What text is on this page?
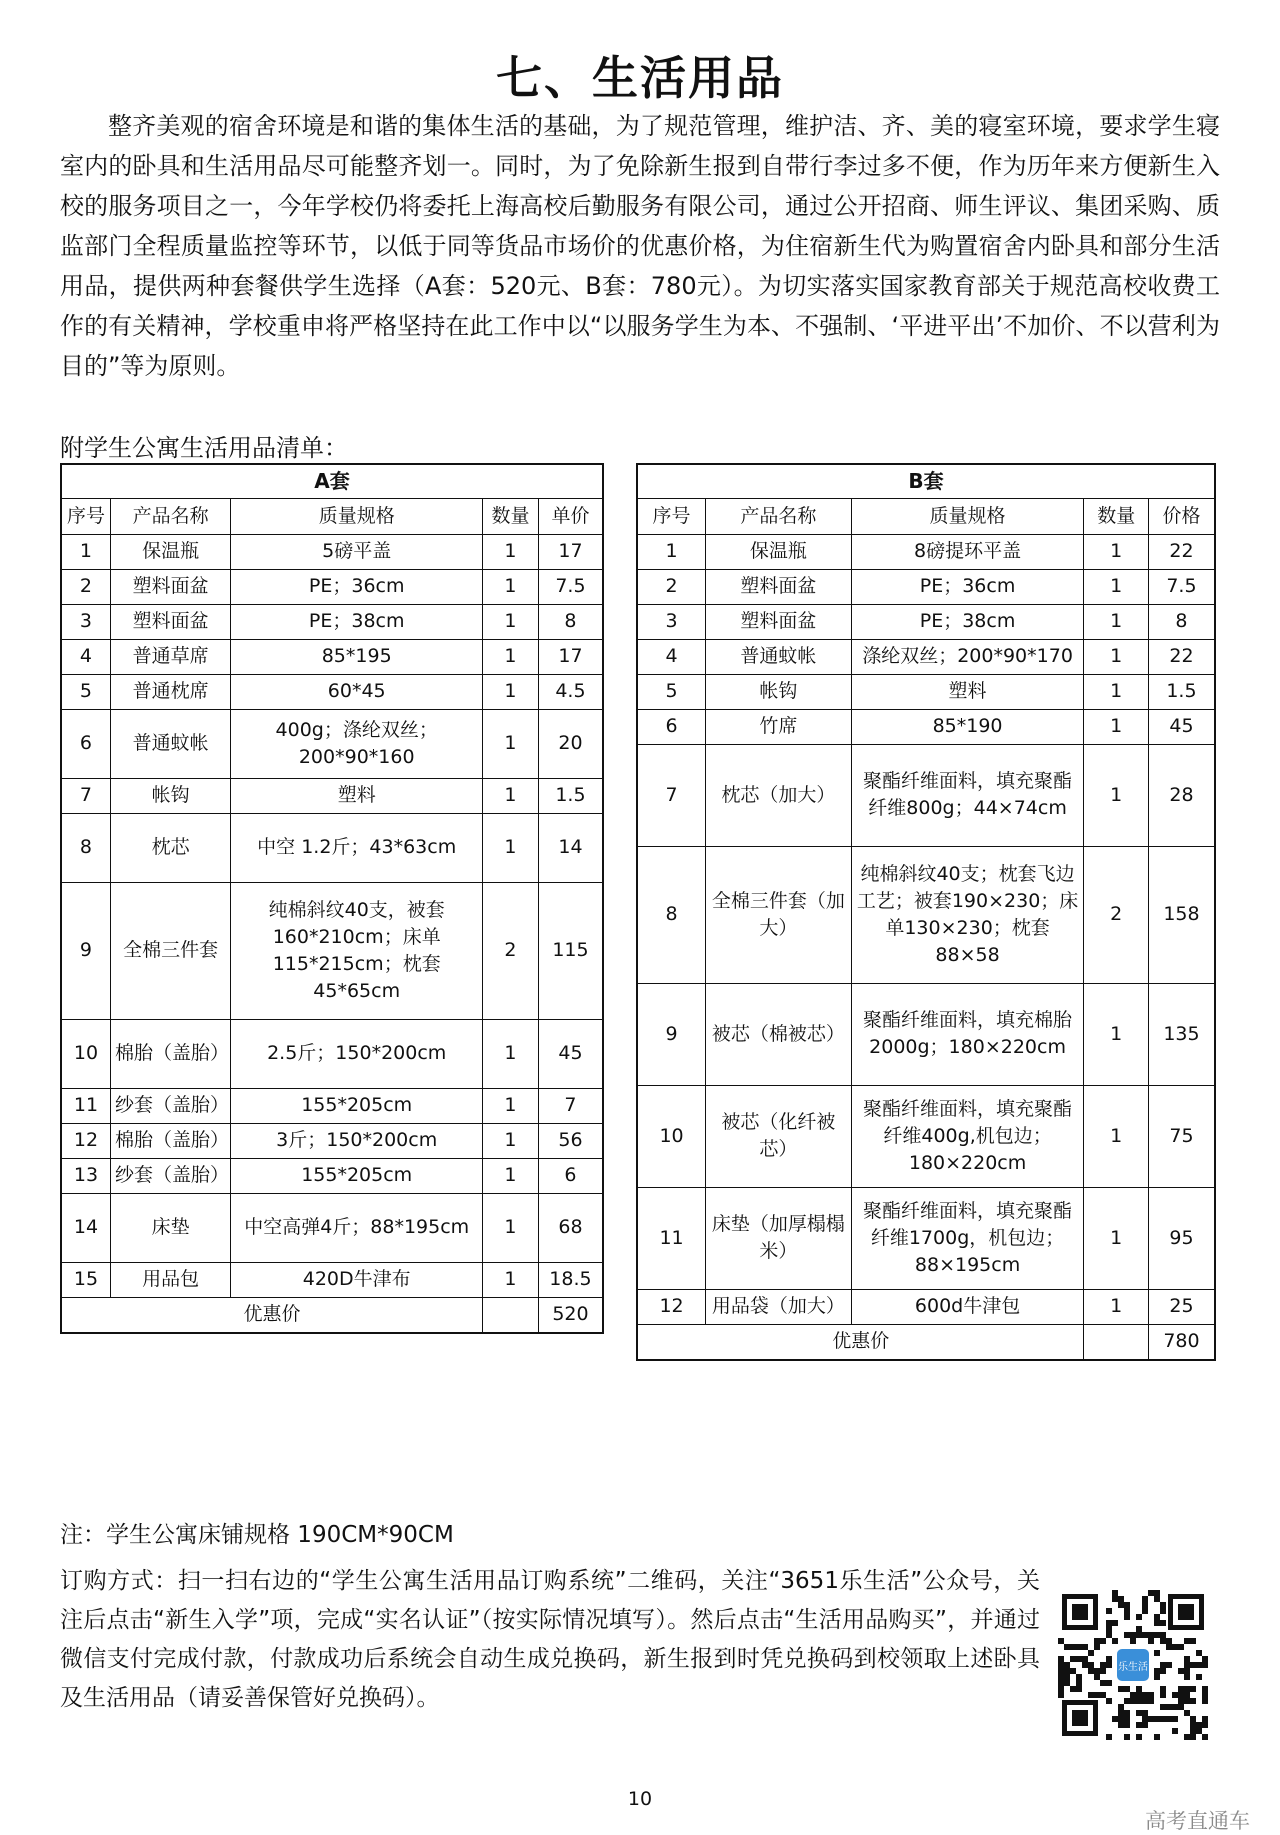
七、生活用品

整齐美观的宿舍环境是和谐的集体生活的基础，为了规范管理，维护洁、齐、美的寝室环境，要求学生寝室内的卧具和生活用品尽可能整齐划一。同时，为了免除新生报到自带行李过多不便，作为历年来方便新生入校的服务项目之一，今年学校仍将委托上海高校后勤服务有限公司，通过公开招商、师生评议、集团采购、质监部门全程质量监控等环节，以低于同等货品市场价的优惠价格，为住宿新生代为购置宿舍内卧具和部分生活用品，提供两种套餐供学生选择（A套：520元、B套：780元）。为切实落实国家教育部关于规范高校收费工作的有关精神，学校重申将严格坚持在此工作中以“以服务学生为本、不强制、‘平进平出’不加价、不以营利为目的”等为原则。

附学生公寓生活用品清单：
A套				
序号	产品名称	质量规格	数量	单价
1	保温瓶	5磅平盖	1	17
2	塑料面盆	PE；36cm	1	7.5
3	塑料面盆	PE；38cm	1	8
4	普通草席	85*195	1	17
5	普通枕席	60*45	1	4.5
6	普通蚊帐	400g；涤纶双丝；200*90*160	1	20
7	帐钩	塑料	1	1.5
8	枕芯	中空 1.2斤；43*63cm	1	14
9	全棉三件套	纯棉斜纹40支，被套160*210cm；床单115*215cm；枕套45*65cm	2	115
10	棉胎（盖胎）	2.5斤；150*200cm	1	45
11	纱套（盖胎）	155*205cm	1	7
12	棉胎（盖胎）	3斤；150*200cm	1	56
13	纱套（盖胎）	155*205cm	1	6
14	床垫	中空高弹4斤；88*195cm	1	68
15	用品包	420D牛津布	1	18.5
优惠价				520
B套				
序号	产品名称	质量规格	数量	价格
1	保温瓶	8磅提环平盖	1	22
2	塑料面盆	PE；36cm	1	7.5
3	塑料面盆	PE；38cm	1	8
4	普通蚊帐	涤纶双丝；200*90*170	1	22
5	帐钩	塑料	1	1.5
6	竹席	85*190	1	45
7	枕芯（加大）	聚酯纤维面料，填充聚酯纤维800g；44×74cm	1	28
8	全棉三件套（加大）	纯棉斜纹40支；枕套飞边工艺；被套190×230；床单130×230；枕套88×58	2	158
9	被芯（棉被芯）	聚酯纤维面料，填充棉胎2000g；180×220cm	1	135
10	被芯（化纤被芯）	聚酯纤维面料，填充聚酯纤维400g,机包边；180×220cm	1	75
11	床垫（加厚榻榻米）	聚酯纤维面料，填充聚酯纤维1700g，机包边；88×195cm	1	95
12	用品袋（加大）	600d牛津包	1	25
优惠价				780
注：学生公寓床铺规格 190CM*90CM

订购方式：扫一扫右边的“学生公寓生活用品订购系统”二维码，关注“3651乐生活”公众号，关注后点击“新生入学”项，完成“实名认证”（按实际情况填写）。然后点击“生活用品购买”，并通过微信支付完成付款，付款成功后系统会自动生成兑换码，新生报到时凭兑换码到校领取上述卧具及生活用品（请妥善保管好兑换码）。

乐生活
10
高考直通车
